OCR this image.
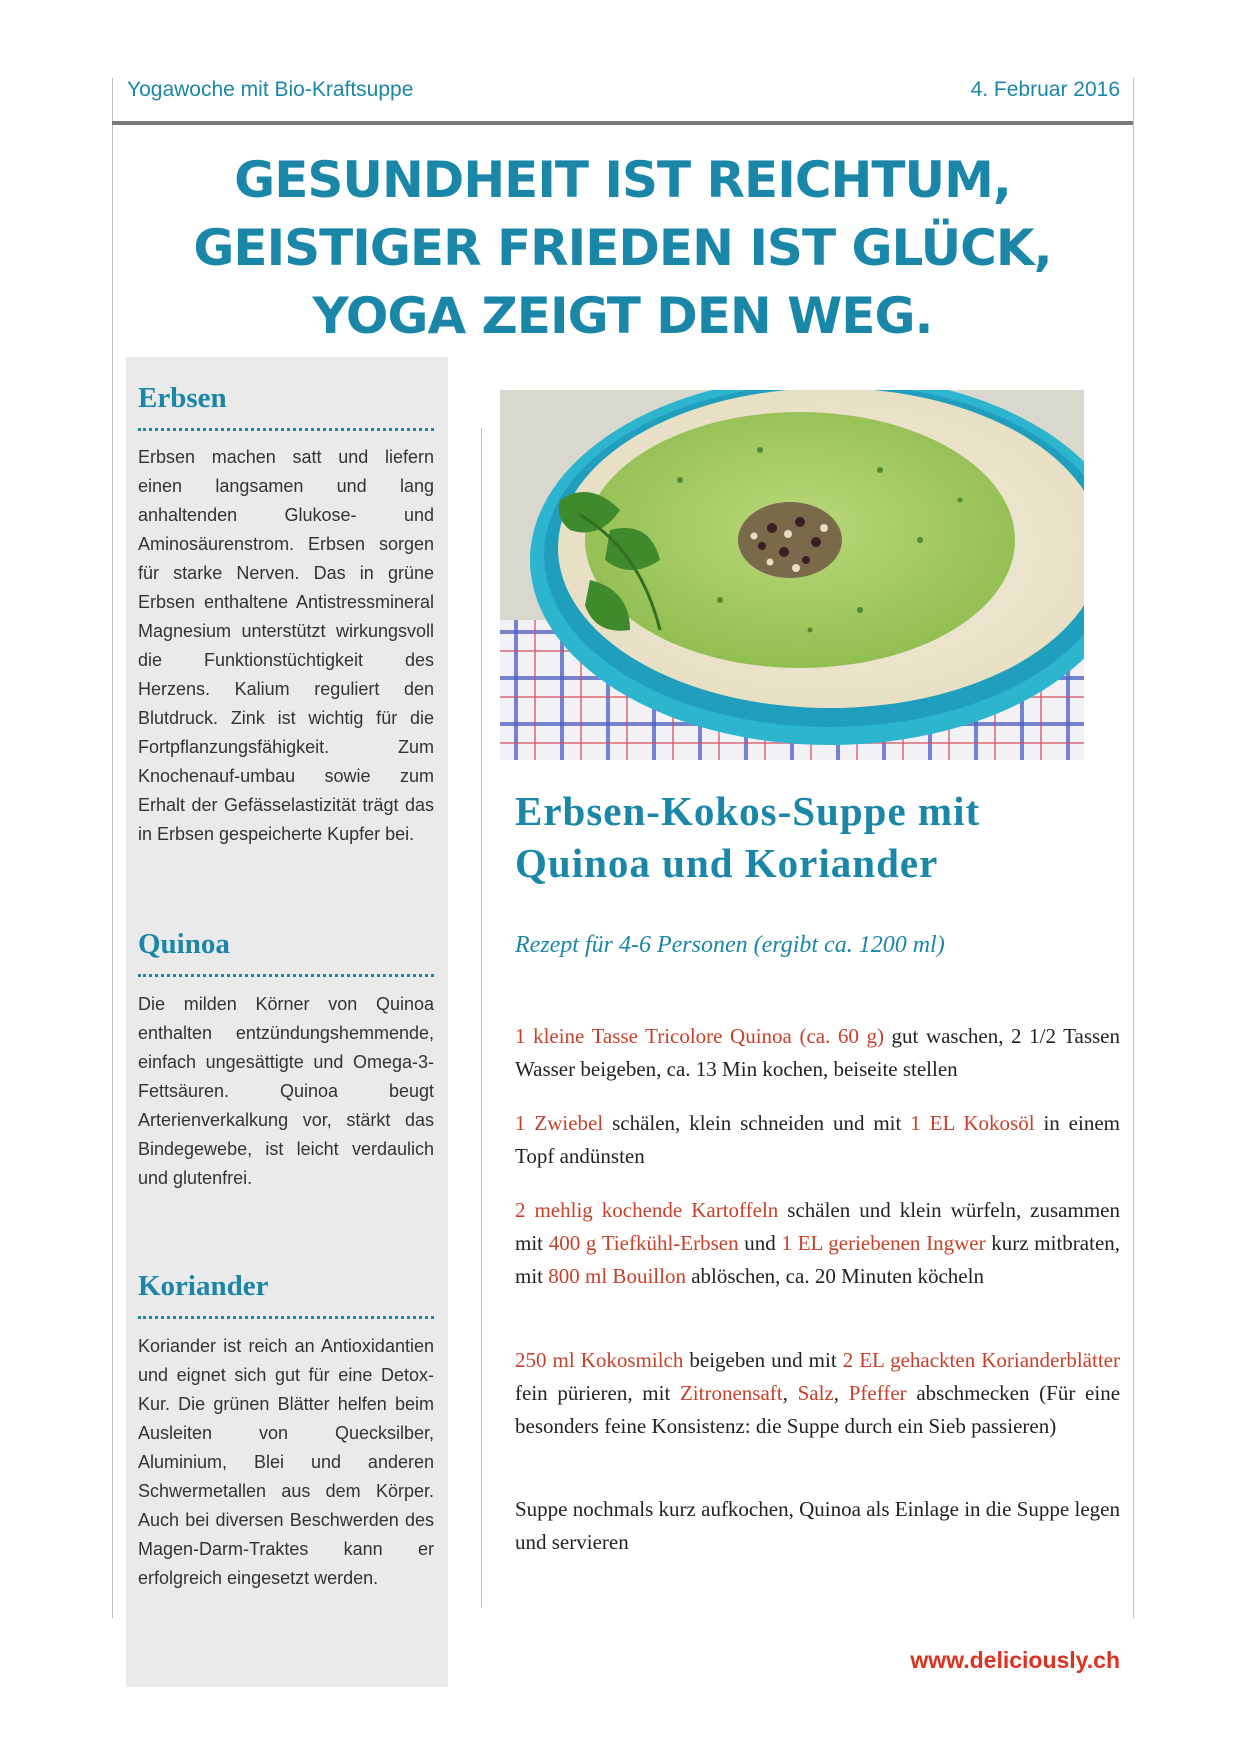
Yogawoche mit Bio-Kraftsuppe	4. Februar 2016
GESUNDHEIT IST REICHTUM,
GEISTIGER FRIEDEN IST GLÜCK,
YOGA ZEIGT DEN WEG.
Erbsen
Erbsen machen satt und liefern einen langsamen und lang anhaltenden Glukose- und Aminosäurenstrom. Erbsen sorgen für starke Nerven. Das in grüne Erbsen enthaltene Antistressmineral Magnesium unterstützt wirkungsvoll die Funktionstüchtigkeit des Herzens. Kalium reguliert den Blutdruck. Zink ist wichtig für die Fortpflanzungsfähigkeit. Zum Knochenauf-umbau sowie zum Erhalt der Gefässelastizität trägt das in Erbsen gespeicherte Kupfer bei.
Quinoa
Die milden Körner von Quinoa enthalten entzündungshemmende, einfach ungesättigte und Omega-3-Fettsäuren. Quinoa beugt Arterienverkalkung vor, stärkt das Bindegewebe, ist leicht verdaulich und glutenfrei.
Koriander
Koriander ist reich an Antioxidantien und eignet sich gut für eine Detox-Kur. Die grünen Blätter helfen beim Ausleiten von Quecksilber, Aluminium, Blei und anderen Schwermetallen aus dem Körper. Auch bei diversen Beschwerden des Magen-Darm-Traktes kann er erfolgreich eingesetzt werden.
Erbsen-Kokos-Suppe mit
Quinoa und Koriander
Rezept für 4-6 Personen (ergibt ca. 1200 ml)
1 kleine Tasse Tricolore Quinoa (ca. 60 g) gut waschen, 2 1/2 Tassen Wasser beigeben, ca. 13 Min kochen, beiseite stellen
1 Zwiebel schälen, klein schneiden und mit 1 EL Kokosöl in einem Topf andünsten
2 mehlig kochende Kartoffeln schälen und klein würfeln, zusammen mit 400 g Tiefkühl-Erbsen und 1 EL geriebenen Ingwer kurz mitbraten, mit 800 ml Bouillon ablöschen, ca. 20 Minuten köcheln
250 ml Kokosmilch beigeben und mit 2 EL gehackten Korianderblätter fein pürieren, mit Zitronensaft, Salz, Pfeffer abschmecken (Für eine besonders feine Konsistenz: die Suppe durch ein Sieb passieren)
Suppe nochmals kurz aufkochen, Quinoa als Einlage in die Suppe legen und servieren
www.deliciously.ch
